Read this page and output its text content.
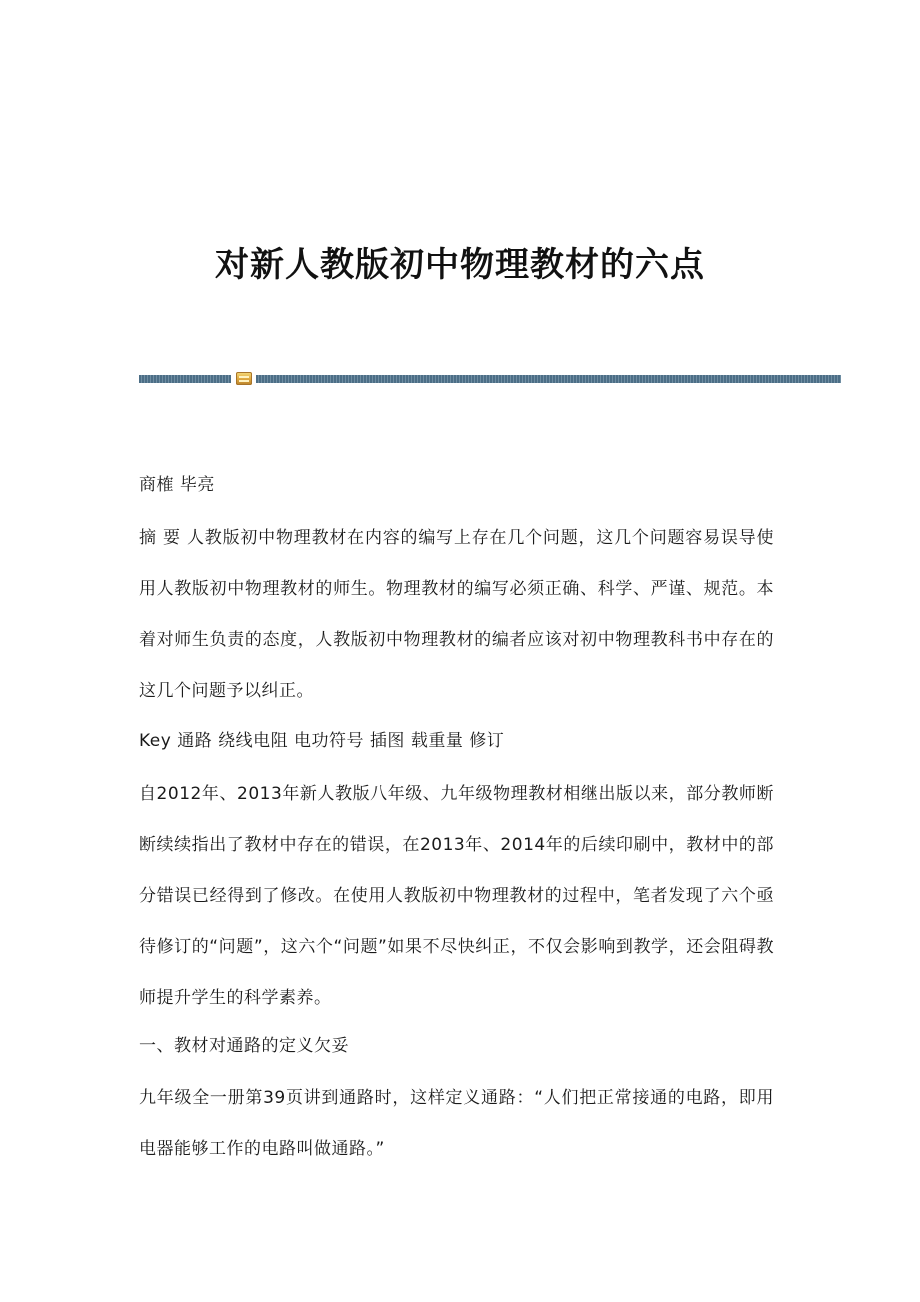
对新人教版初中物理教材的六点

商榷 毕亮

摘 要 人教版初中物理教材在内容的编写上存在几个问题，这几个问题容易误导使用人教版初中物理教材的师生。物理教材的编写必须正确、科学、严谨、规范。本着对师生负责的态度，人教版初中物理教材的编者应该对初中物理教科书中存在的这几个问题予以纠正。

Key 通路 绕线电阻 电功符号 插图 载重量 修订

自2012年、2013年新人教版八年级、九年级物理教材相继出版以来，部分教师断断续续指出了教材中存在的错误，在2013年、2014年的后续印刷中，教材中的部分错误已经得到了修改。在使用人教版初中物理教材的过程中，笔者发现了六个亟待修订的“问题”，这六个“问题”如果不尽快纠正，不仅会影响到教学，还会阻碍教师提升学生的科学素养。

一、教材对通路的定义欠妥

九年级全一册第39页讲到通路时，这样定义通路：“人们把正常接通的电路，即用电器能够工作的电路叫做通路。”
